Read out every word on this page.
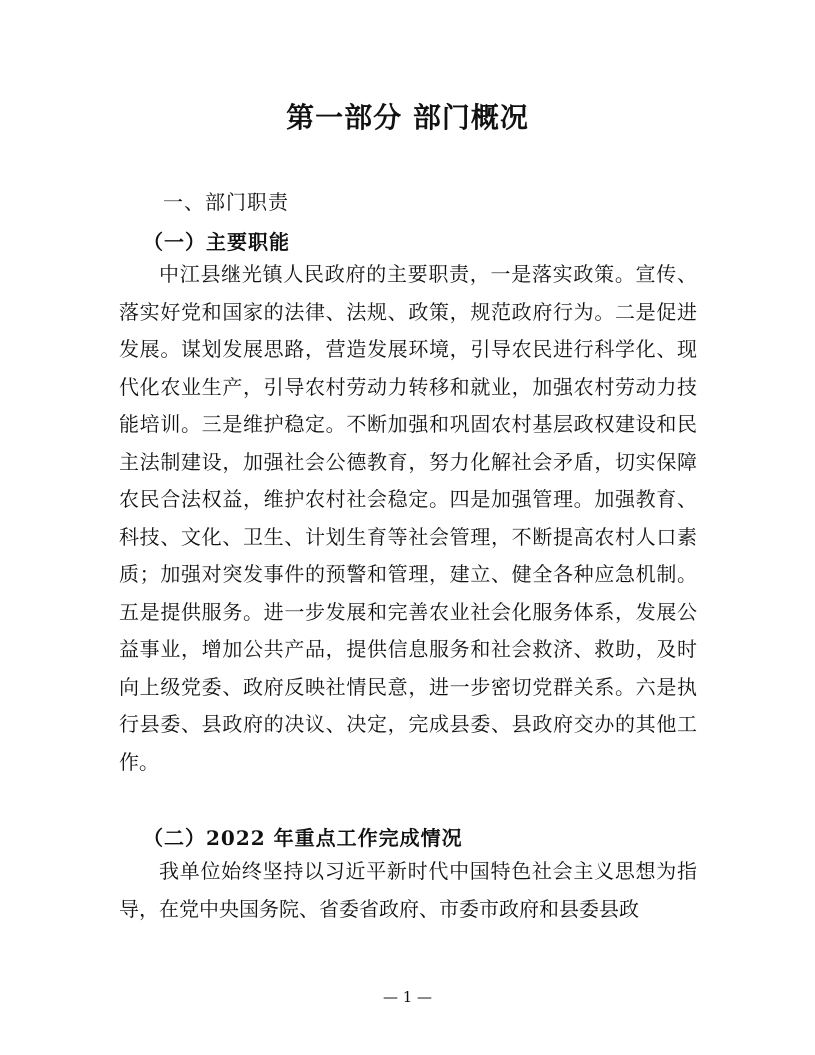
第一部分 部门概况
一、部门职责
（一）主要职能

中江县继光镇人民政府的主要职责，一是落实政策。宣传、落实好党和国家的法律、法规、政策，规范政府行为。二是促进发展。谋划发展思路，营造发展环境，引导农民进行科学化、现代化农业生产，引导农村劳动力转移和就业，加强农村劳动力技能培训。三是维护稳定。不断加强和巩固农村基层政权建设和民主法制建设，加强社会公德教育，努力化解社会矛盾，切实保障农民合法权益，维护农村社会稳定。四是加强管理。加强教育、科技、文化、卫生、计划生育等社会管理，不断提高农村人口素质；加强对突发事件的预警和管理，建立、健全各种应急机制。五是提供服务。进一步发展和完善农业社会化服务体系，发展公益事业，增加公共产品，提供信息服务和社会救济、救助，及时向上级党委、政府反映社情民意，进一步密切党群关系。六是执行县委、县政府的决议、决定，完成县委、县政府交办的其他工作。

（二）2022 年重点工作完成情况

我单位始终坚持以习近平新时代中国特色社会主义思想为指导，在党中央国务院、省委省政府、市委市政府和县委县政

— 1 —
